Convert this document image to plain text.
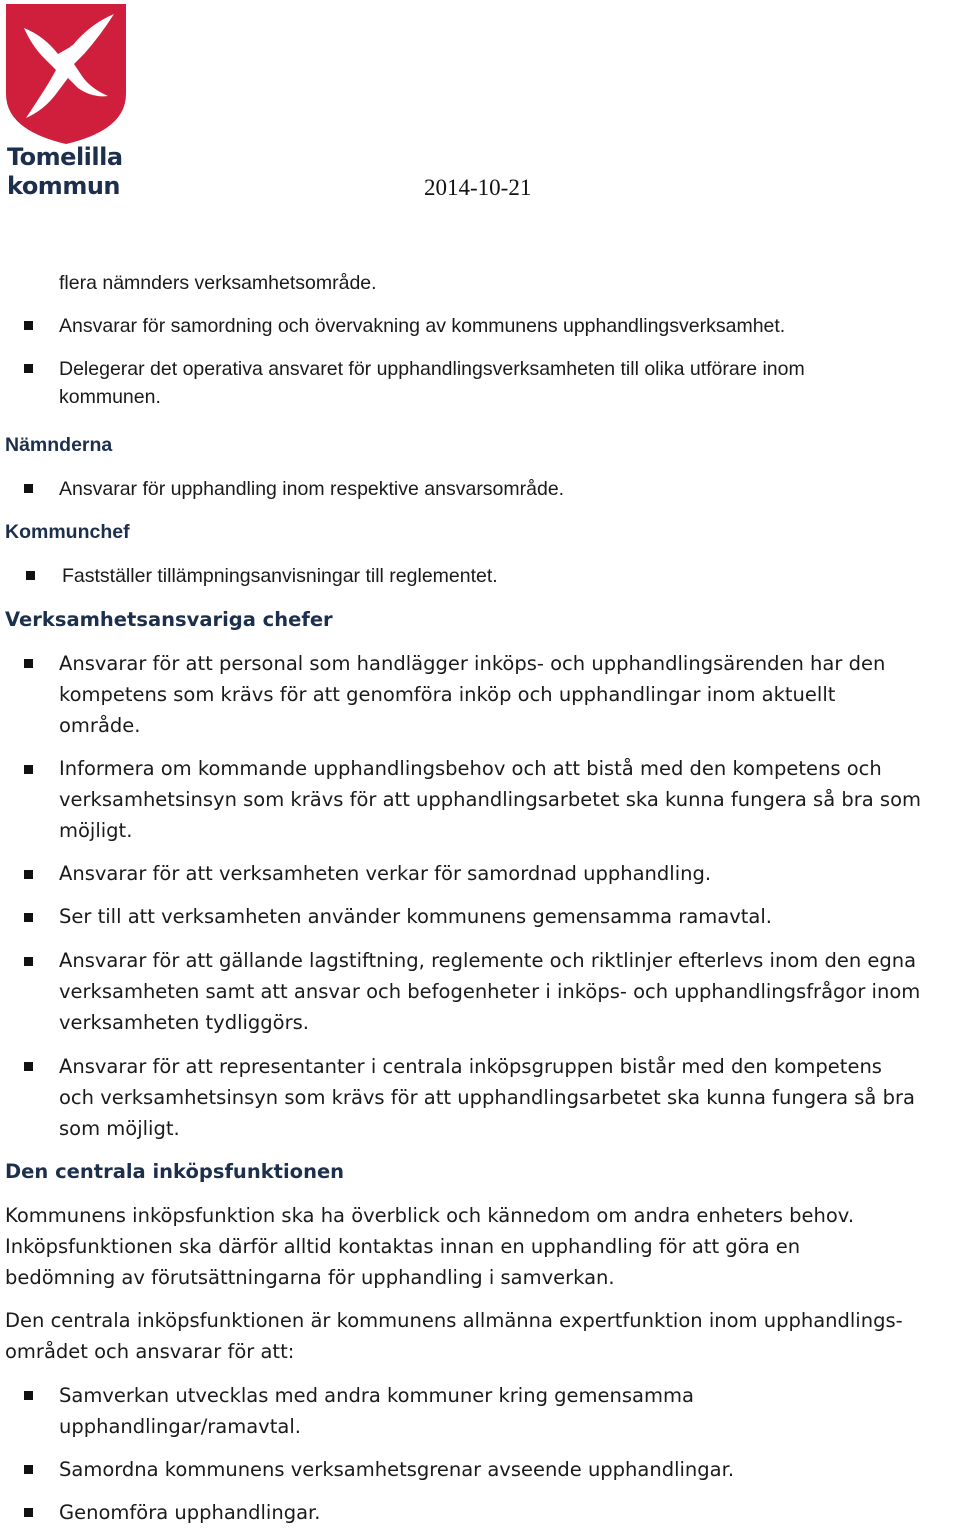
Tomelilla
kommun	2014-10-21
flera nämnders verksamhetsområde.
Ansvarar för samordning och övervakning av kommunens upphandlingsverksamhet.
Delegerar det operativa ansvaret för upphandlingsverksamheten till olika utförare inom
kommunen.
Nämnderna
Ansvarar för upphandling inom respektive ansvarsområde.
Kommunchef
Fastställer tillämpningsanvisningar till reglementet.
Verksamhetsansvariga chefer
Ansvarar för att personal som handlägger inköps- och upphandlingsärenden har den
kompetens som krävs för att genomföra inköp och upphandlingar inom aktuellt
område.
Informera om kommande upphandlingsbehov och att bistå med den kompetens och
verksamhetsinsyn som krävs för att upphandlingsarbetet ska kunna fungera så bra som
möjligt.
Ansvarar för att verksamheten verkar för samordnad upphandling.
Ser till att verksamheten använder kommunens gemensamma ramavtal.
Ansvarar för att gällande lagstiftning, reglemente och riktlinjer efterlevs inom den egna
verksamheten samt att ansvar och befogenheter i inköps- och upphandlingsfrågor inom
verksamheten tydliggörs.
Ansvarar för att representanter i centrala inköpsgruppen bistår med den kompetens
och verksamhetsinsyn som krävs för att upphandlingsarbetet ska kunna fungera så bra
som möjligt.
Den centrala inköpsfunktionen
Kommunens inköpsfunktion ska ha överblick och kännedom om andra enheters behov.
Inköpsfunktionen ska därför alltid kontaktas innan en upphandling för att göra en
bedömning av förutsättningarna för upphandling i samverkan.
Den centrala inköpsfunktionen är kommunens allmänna expertfunktion inom upphandlings-
området och ansvarar för att:
Samverkan utvecklas med andra kommuner kring gemensamma
upphandlingar/ramavtal.
Samordna kommunens verksamhetsgrenar avseende upphandlingar.
Genomföra upphandlingar.
